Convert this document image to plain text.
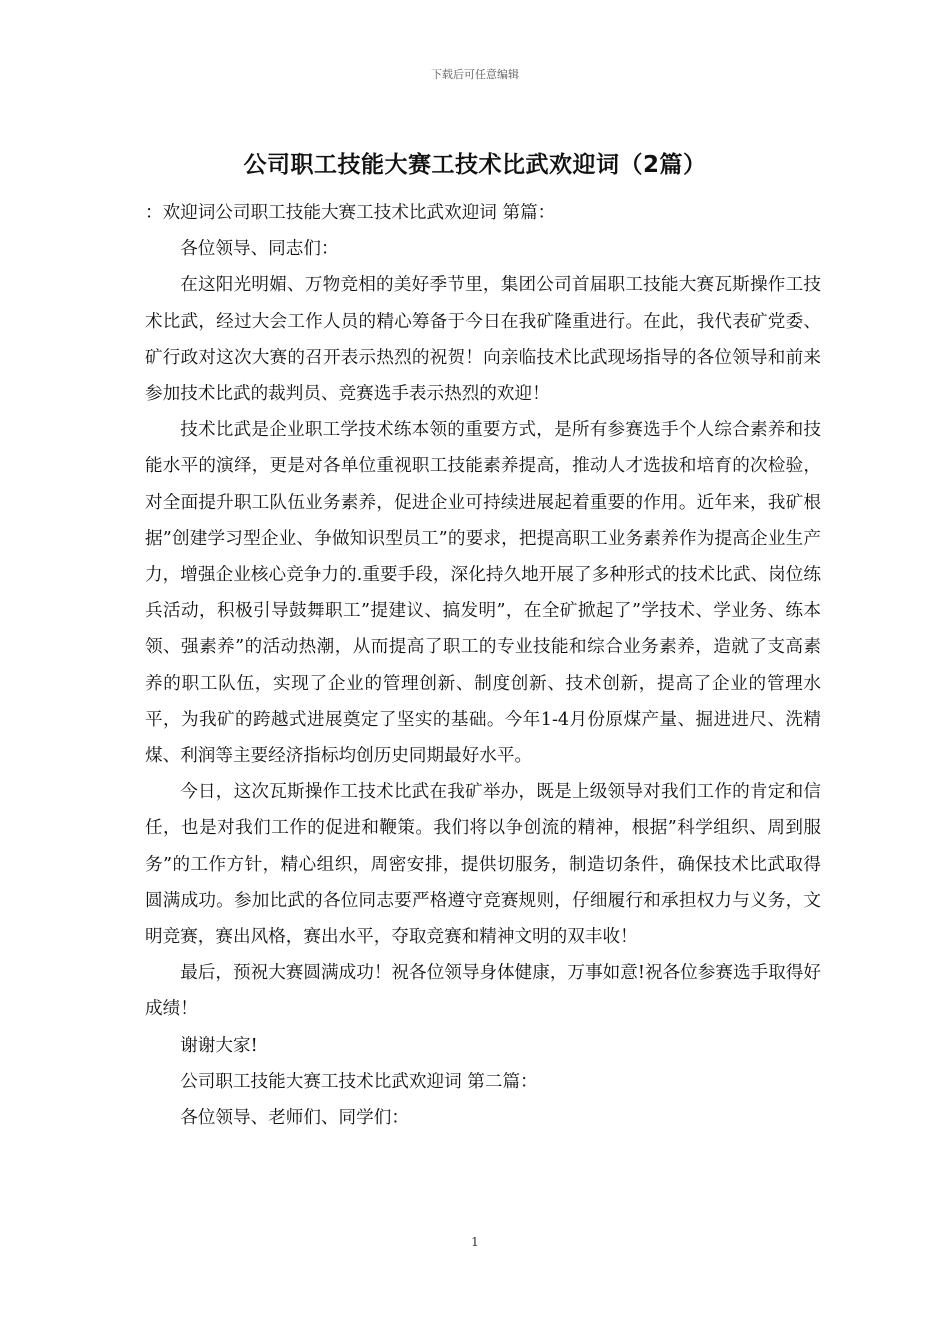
下载后可任意编辑
公司职工技能大赛工技术比武欢迎词（2篇）

：欢迎词公司职工技能大赛工技术比武欢迎词 第篇：

各位领导、同志们：

在这阳光明媚、万物竞相的美好季节里，集团公司首届职工技能大赛瓦斯操作工技术比武，经过大会工作人员的精心筹备于今日在我矿隆重进行。在此，我代表矿党委、矿行政对这次大赛的召开表示热烈的祝贺！向亲临技术比武现场指导的各位领导和前来参加技术比武的裁判员、竞赛选手表示热烈的欢迎！

技术比武是企业职工学技术练本领的重要方式，是所有参赛选手个人综合素养和技能水平的演绎，更是对各单位重视职工技能素养提高，推动人才选拔和培育的次检验，对全面提升职工队伍业务素养，促进企业可持续进展起着重要的作用。近年来，我矿根据”创建学习型企业、争做知识型员工”的要求，把提高职工业务素养作为提高企业生产力，增强企业核心竞争力的.重要手段，深化持久地开展了多种形式的技术比武、岗位练兵活动，积极引导鼓舞职工”提建议、搞发明”，在全矿掀起了”学技术、学业务、练本领、强素养”的活动热潮，从而提高了职工的专业技能和综合业务素养，造就了支高素养的职工队伍，实现了企业的管理创新、制度创新、技术创新，提高了企业的管理水平，为我矿的跨越式进展奠定了坚实的基础。今年1-4月份原煤产量、掘进进尺、洗精煤、利润等主要经济指标均创历史同期最好水平。

今日，这次瓦斯操作工技术比武在我矿举办，既是上级领导对我们工作的肯定和信任，也是对我们工作的促进和鞭策。我们将以争创流的精神，根据”科学组织、周到服务”的工作方针，精心组织，周密安排，提供切服务，制造切条件，确保技术比武取得圆满成功。参加比武的各位同志要严格遵守竞赛规则，仔细履行和承担权力与义务，文明竞赛，赛出风格，赛出水平，夺取竞赛和精神文明的双丰收！

最后，预祝大赛圆满成功！祝各位领导身体健康，万事如意!祝各位参赛选手取得好成绩！

谢谢大家!

公司职工技能大赛工技术比武欢迎词 第二篇：

各位领导、老师们、同学们：

1
